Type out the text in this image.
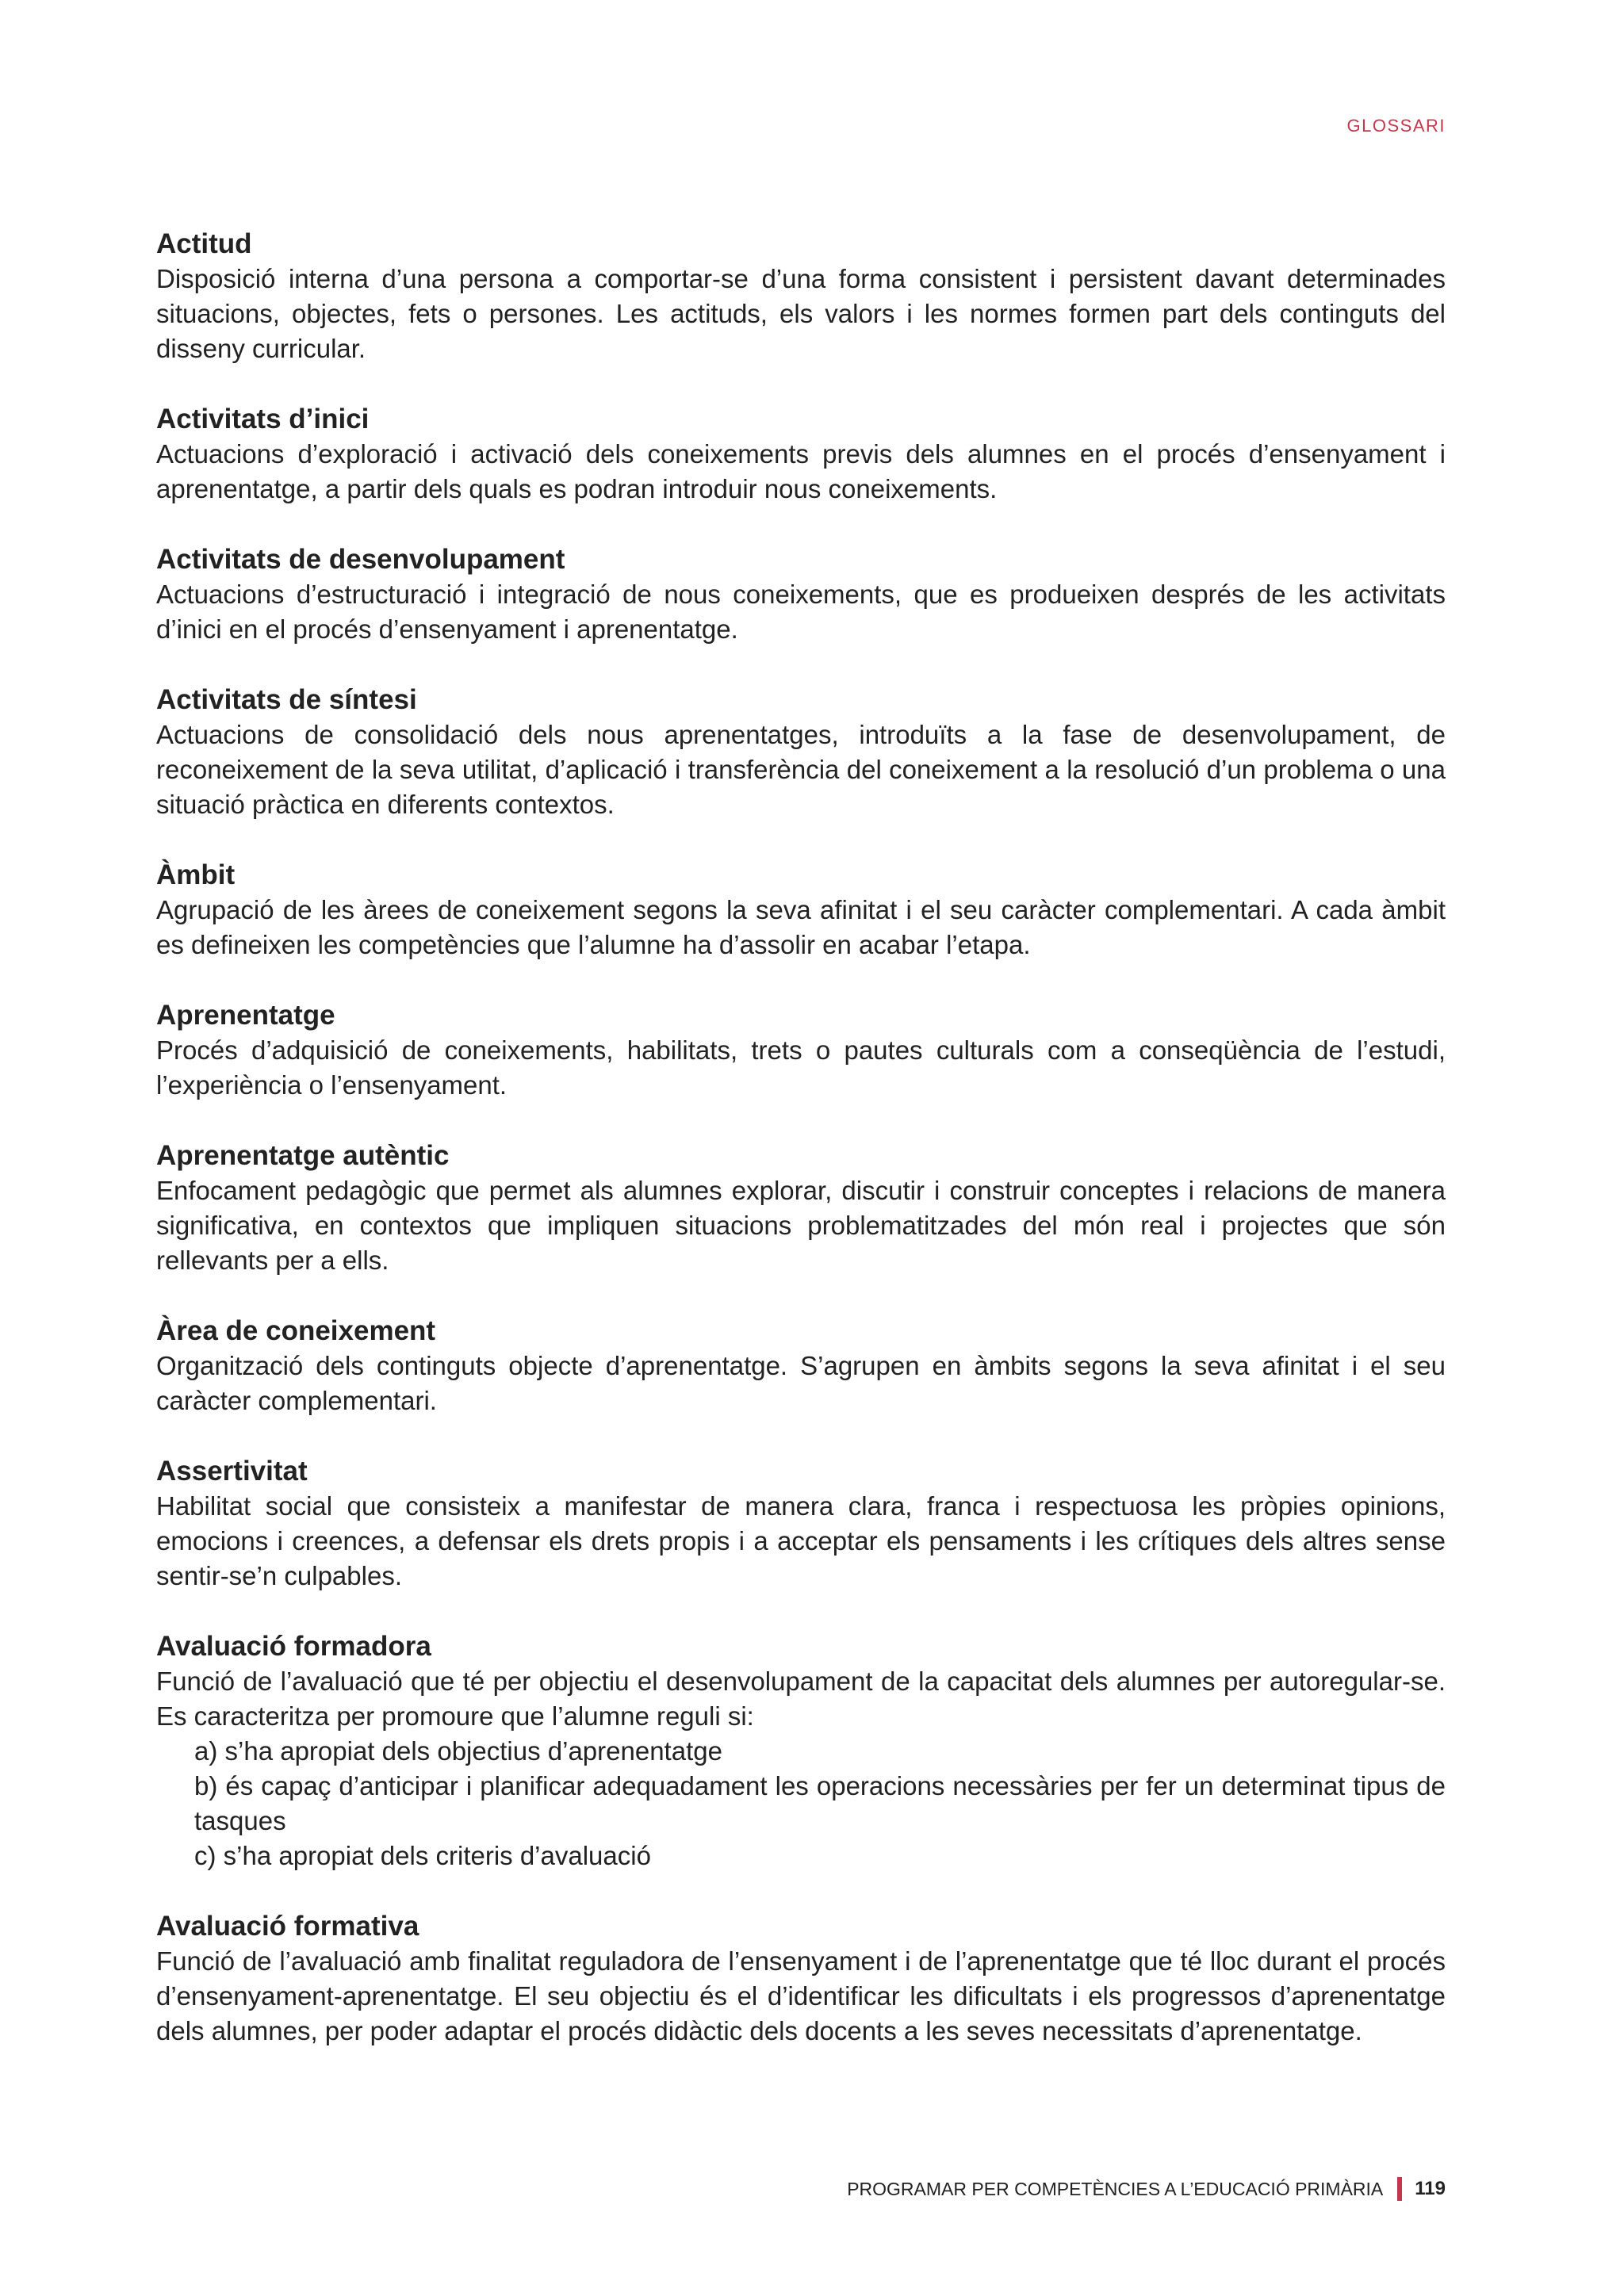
GLOSSARI

Actitud

Disposició interna d’una persona a comportar-se d’una forma consistent i persistent davant determinades situacions, objectes, fets o persones. Les actituds, els valors i les normes formen part dels continguts del disseny curricular.

Activitats d’inici

Actuacions d’exploració i activació dels coneixements previs dels alumnes en el procés d’ensenyament i aprenentatge, a partir dels quals es podran introduir nous coneixements.

Activitats de desenvolupament

Actuacions d’estructuració i integració de nous coneixements, que es produeixen després de les activitats d’inici en el procés d’ensenyament i aprenentatge.

Activitats de síntesi

Actuacions de consolidació dels nous aprenentatges, introduïts a la fase de desenvolupament, de reconeixement de la seva utilitat, d’aplicació i transferència del coneixement a la resolució d’un problema o una situació pràctica en diferents contextos.

Àmbit

Agrupació de les àrees de coneixement segons la seva afinitat i el seu caràcter complementari. A cada àmbit es defineixen les competències que l’alumne ha d’assolir en acabar l’etapa.

Aprenentatge

Procés d’adquisició de coneixements, habilitats, trets o pautes culturals com a conseqüència de l’estudi, l’experiència o l’ensenyament.

Aprenentatge autèntic

Enfocament pedagògic que permet als alumnes explorar, discutir i construir conceptes i relacions de manera significativa, en contextos que impliquen situacions problematitzades del món real i projectes que són rellevants per a ells.

Àrea de coneixement

Organització dels continguts objecte d’aprenentatge. S’agrupen en àmbits segons la seva afinitat i el seu caràcter complementari.

Assertivitat

Habilitat social que consisteix a manifestar de manera clara, franca i respectuosa les pròpies opinions, emocions i creences, a defensar els drets propis i a acceptar els pensaments i les crítiques dels altres sense sentir-se’n culpables.

Avaluació formadora

Funció de l’avaluació que té per objectiu el desenvolupament de la capacitat dels alumnes per autoregular-se. Es caracteritza per promoure que l’alumne reguli si:

a) s’ha apropiat dels objectius d’aprenentatge
b) és capaç d’anticipar i planificar adequadament les operacions necessàries per fer un determinat tipus de tasques
c) s’ha apropiat dels criteris d’avaluació

Avaluació formativa

Funció de l’avaluació amb finalitat reguladora de l’ensenyament i de l’aprenentatge que té lloc durant el procés d’ensenyament-aprenentatge. El seu objectiu és el d’identificar les dificultats i els progressos d’aprenentatge dels alumnes, per poder adaptar el procés didàctic dels docents a les seves necessitats d’aprenentatge.

PROGRAMAR PER COMPETÈNCIES A L’EDUCACIÓ PRIMÀRIA 119
